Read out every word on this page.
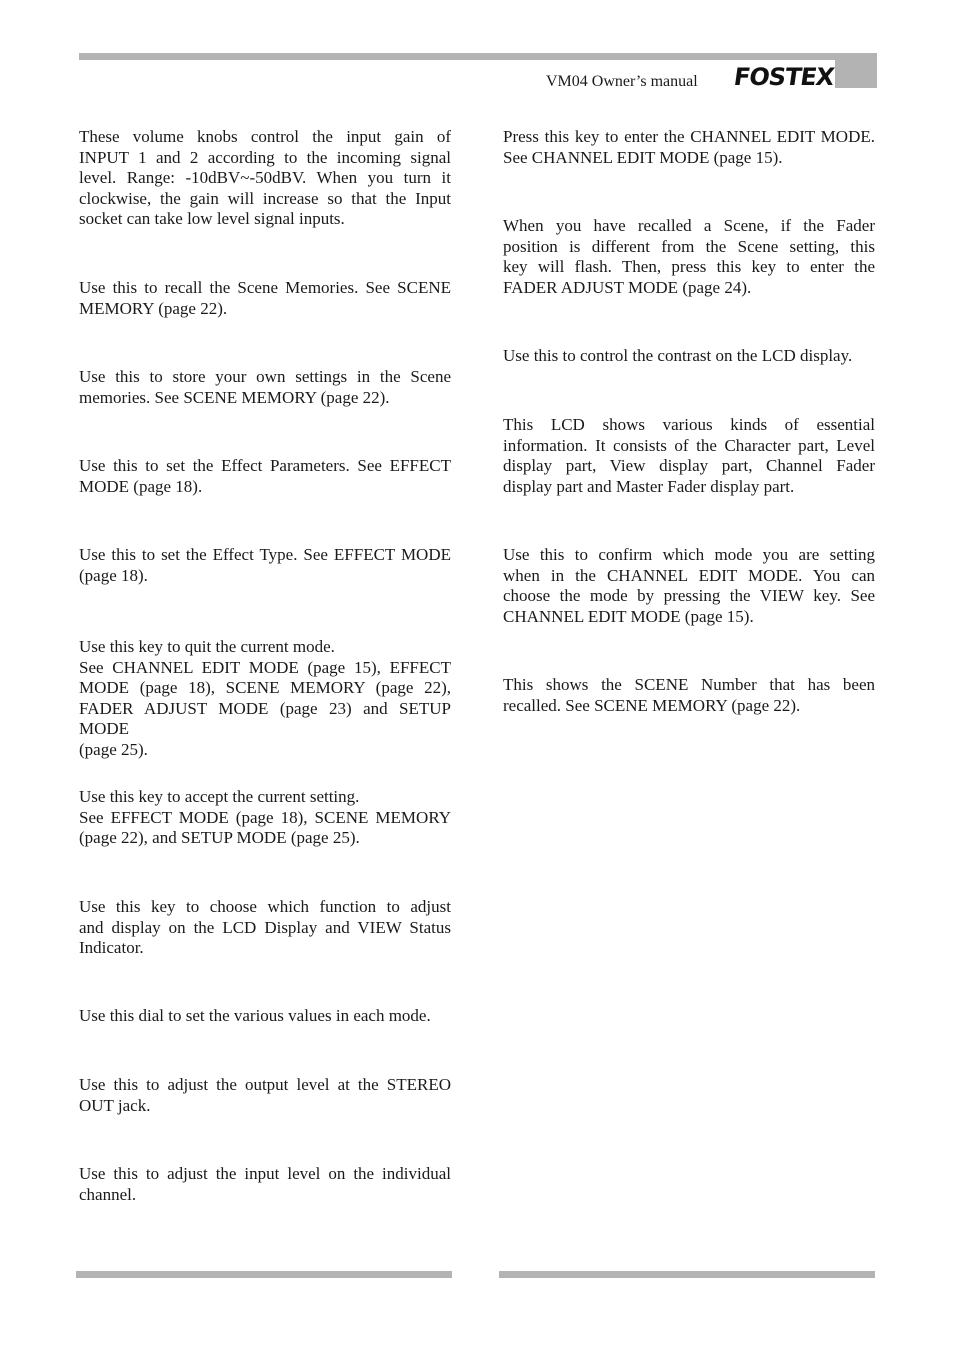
VM04 Owner’s manual	FOSTEX
These volume knobs control the input gain of
INPUT 1 and 2 according to the incoming signal
level. Range: -10dBV~-50dBV. When you turn it
clockwise, the gain will increase so that the Input
socket can take low level signal inputs.
Use this to recall the Scene Memories. See SCENE
MEMORY (page 22).
Use this to store your own settings in the Scene
memories. See SCENE MEMORY (page 22).
Use this to set the Effect Parameters. See EFFECT
MODE (page 18).
Use this to set the Effect Type. See EFFECT MODE
(page 18).
Use this key to quit the current mode.
See CHANNEL EDIT MODE (page 15), EFFECT
MODE (page 18), SCENE MEMORY (page 22),
FADER ADJUST MODE (page 23) and SETUP MODE
(page 25).
Use this key to accept the current setting.
See EFFECT MODE (page 18), SCENE MEMORY
(page 22), and SETUP MODE (page 25).
Use this key to choose which function to adjust
and display on the LCD Display and VIEW Status
Indicator.
Use this dial to set the various values in each mode.
Use this to adjust the output level at the STEREO
OUT jack.
Use this to adjust the input level on the individual
channel.
Press this key to enter the CHANNEL EDIT MODE.
See CHANNEL EDIT MODE (page 15).
When you have recalled a Scene, if the Fader
position is different from the Scene setting, this
key will flash. Then, press this key to enter the
FADER ADJUST MODE (page 24).
Use this to control the contrast on the LCD display.
This LCD shows various kinds of essential
information. It consists of the Character part, Level
display part, View display part, Channel Fader
display part and Master Fader display part.
Use this to confirm which mode you are setting
when in the CHANNEL EDIT MODE. You can
choose the mode by pressing the VIEW key. See
CHANNEL EDIT MODE (page 15).
This shows the SCENE Number that has been
recalled. See SCENE MEMORY (page 22).
